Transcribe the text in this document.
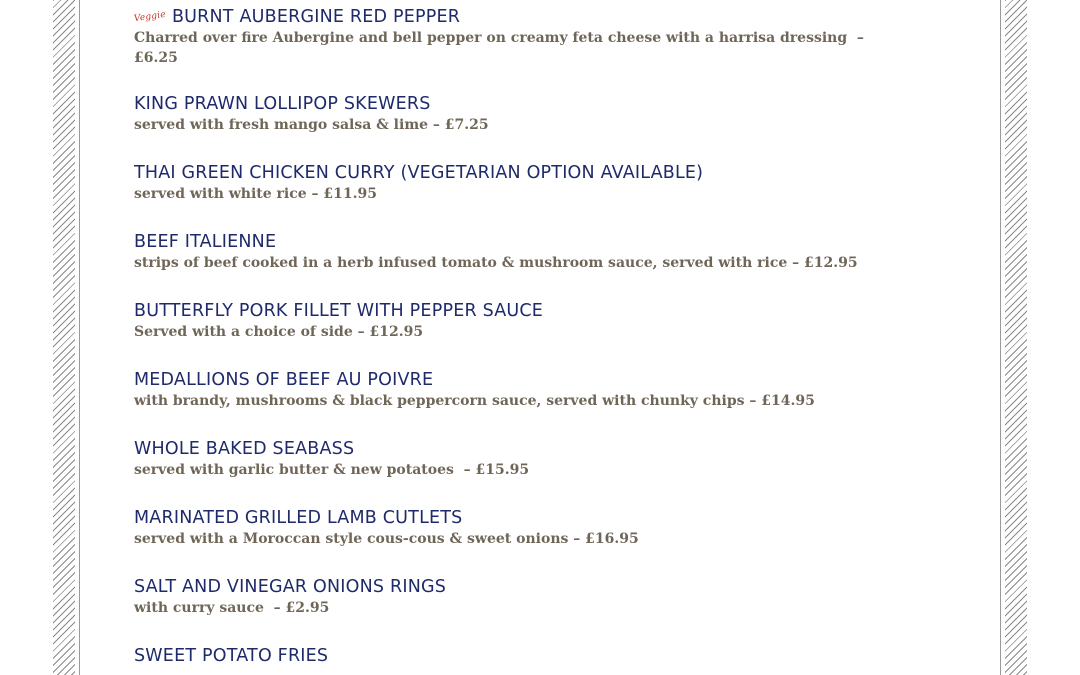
Veggie BURNT AUBERGINE RED PEPPER
Charred over fire Aubergine and bell pepper on creamy feta cheese with a harrisa dressing  – £6.25
KING PRAWN LOLLIPOP SKEWERS
served with fresh mango salsa & lime – £7.25
THAI GREEN CHICKEN CURRY (VEGETARIAN OPTION AVAILABLE)
served with white rice – £11.95
BEEF ITALIENNE
strips of beef cooked in a herb infused tomato & mushroom sauce, served with rice – £12.95
BUTTERFLY PORK FILLET WITH PEPPER SAUCE
Served with a choice of side – £12.95
MEDALLIONS OF BEEF AU POIVRE
with brandy, mushrooms & black peppercorn sauce, served with chunky chips – £14.95
WHOLE BAKED SEABASS
served with garlic butter & new potatoes  – £15.95
MARINATED GRILLED LAMB CUTLETS
served with a Moroccan style cous-cous & sweet onions – £16.95
SALT AND VINEGAR ONIONS RINGS
with curry sauce  – £2.95
SWEET POTATO FRIES
